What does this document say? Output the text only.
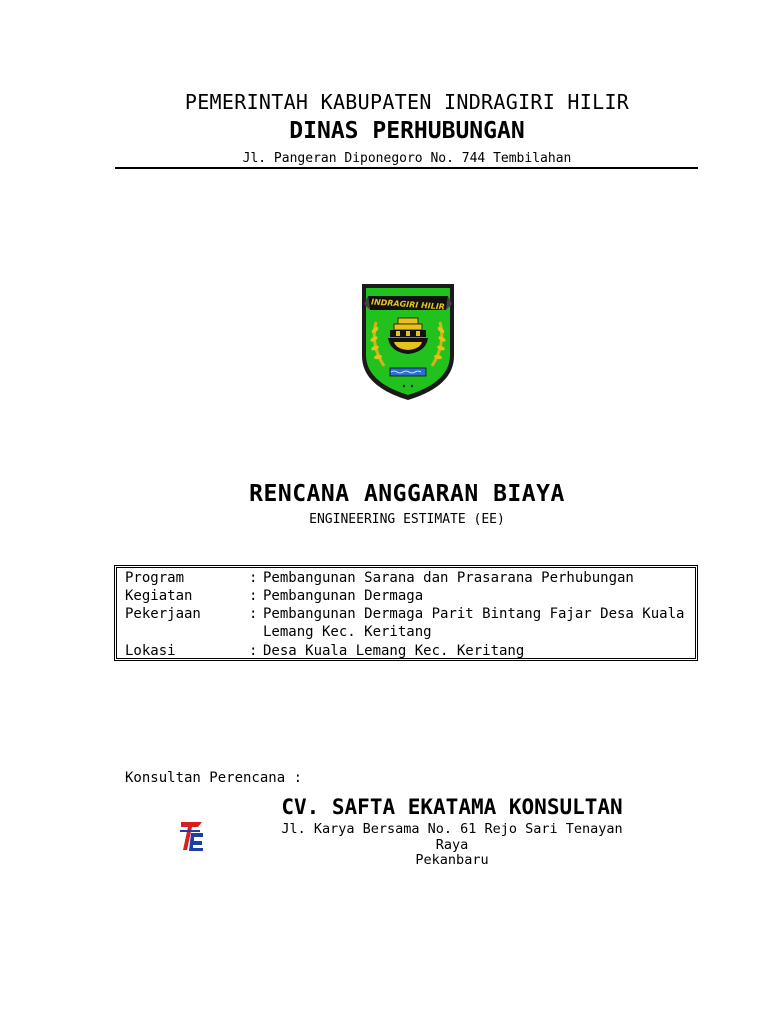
PEMERINTAH KABUPATEN INDRAGIRI HILIR
DINAS PERHUBUNGAN
Jl. Pangeran Diponegoro No. 744 Tembilahan
INDRAGIRI HILIR
RENCANA ANGGARAN BIAYA
ENGINEERING ESTIMATE (EE)
Program	: Pembangunan Sarana dan Prasarana Perhubungan
Kegiatan	: Pembangunan Dermaga
Pekerjaan	: Pembangunan Dermaga Parit Bintang Fajar Desa Kuala
Lemang Kec. Keritang
Lokasi	: Desa Kuala Lemang Kec. Keritang
Konsultan Perencana :
CV. SAFTA EKATAMA KONSULTAN
Jl. Karya Bersama No. 61 Rejo Sari Tenayan
Raya
Pekanbaru
